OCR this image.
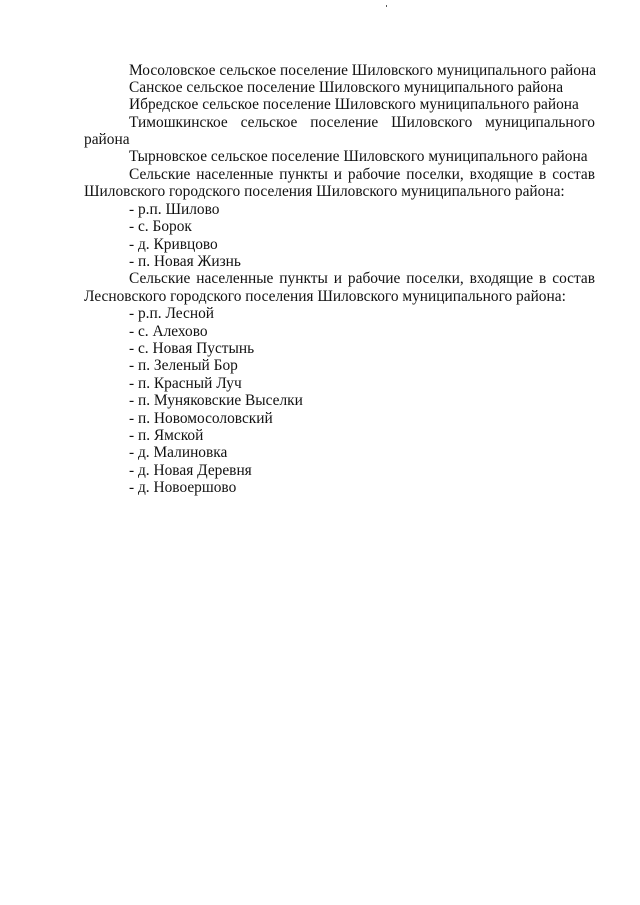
Мосоловское сельское поселение Шиловского муниципального района
Санское сельское поселение Шиловского муниципального района
Ибредское сельское поселение Шиловского муниципального района
Тимошкинское сельское поселение Шиловского муниципального
района
Тырновское сельское поселение Шиловского муниципального района
Сельские населенные пункты и рабочие поселки, входящие в состав
Шиловского городского поселения Шиловского муниципального района:
- р.п. Шилово
- с. Борок
- д. Кривцово
- п. Новая Жизнь
Сельские населенные пункты и рабочие поселки, входящие в состав
Лесновского городского поселения Шиловского муниципального района:
- р.п. Лесной
- с. Алехово
- с. Новая Пустынь
- п. Зеленый Бор
- п. Красный Луч
- п. Муняковские Выселки
- п. Новомосоловский
- п. Ямской
- д. Малиновка
- д. Новая Деревня
- д. Новоершово
